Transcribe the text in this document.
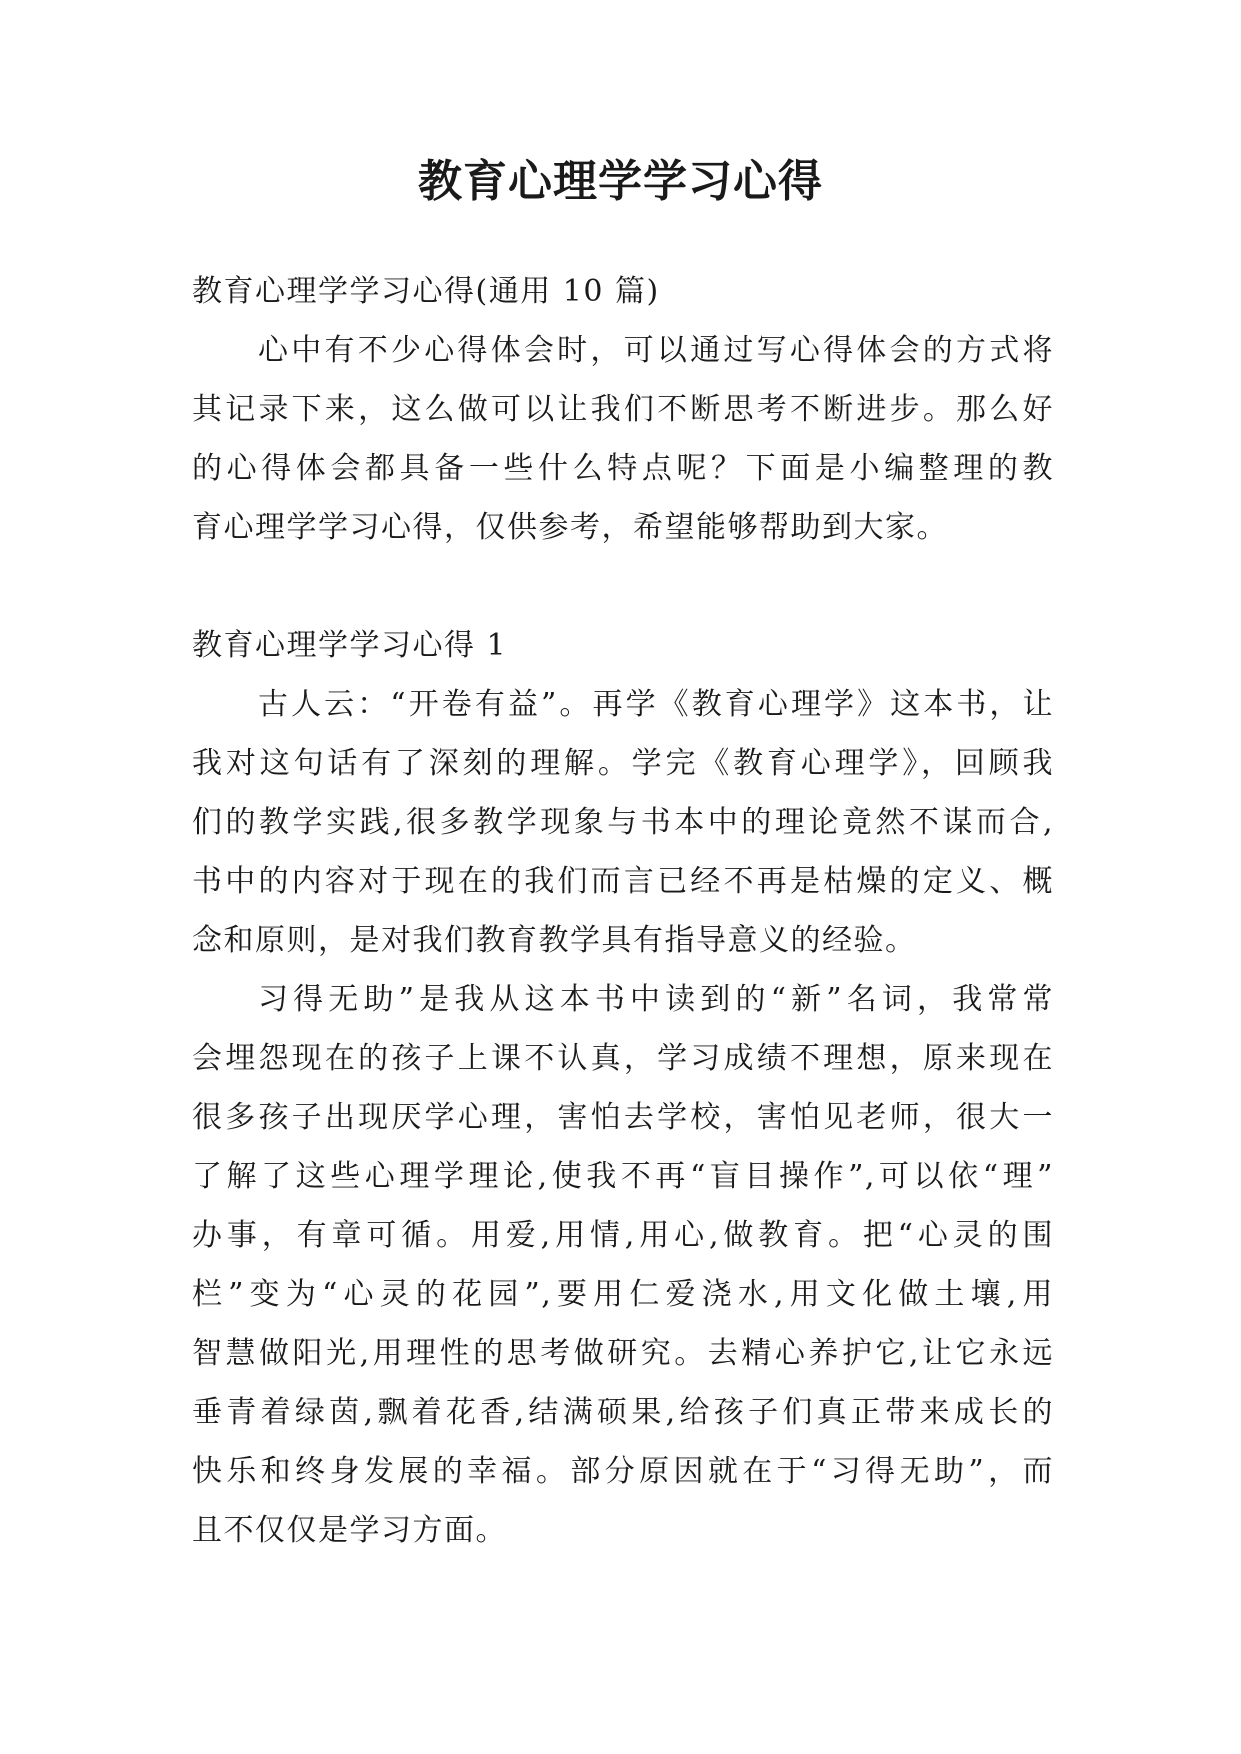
教育心理学学习心得

教育心理学学习心得(通用 10 篇)

心中有不少心得体会时，可以通过写心得体会的方式将

其记录下来，这么做可以让我们不断思考不断进步。那么好

的心得体会都具备一些什么特点呢？下面是小编整理的教

育心理学学习心得，仅供参考，希望能够帮助到大家。

教育心理学学习心得 1

古人云：“开卷有益”。再学《教育心理学》这本书，让

我对这句话有了深刻的理解。学完《教育心理学》，回顾我

们的教学实践,很多教学现象与书本中的理论竟然不谋而合,

书中的内容对于现在的我们而言已经不再是枯燥的定义、概

念和原则，是对我们教育教学具有指导意义的经验。

习得无助”是我从这本书中读到的“新”名词，我常常

会埋怨现在的孩子上课不认真，学习成绩不理想，原来现在

很多孩子出现厌学心理，害怕去学校，害怕见老师，很大一

了解了这些心理学理论,使我不再“盲目操作”,可以依“理”

办事，有章可循。用爱,用情,用心,做教育。把“心灵的围

栏”变为“心灵的花园”,要用仁爱浇水,用文化做土壤,用

智慧做阳光,用理性的思考做研究。去精心养护它,让它永远

垂青着绿茵,飘着花香,结满硕果,给孩子们真正带来成长的

快乐和终身发展的幸福。部分原因就在于“习得无助”，而

且不仅仅是学习方面。
